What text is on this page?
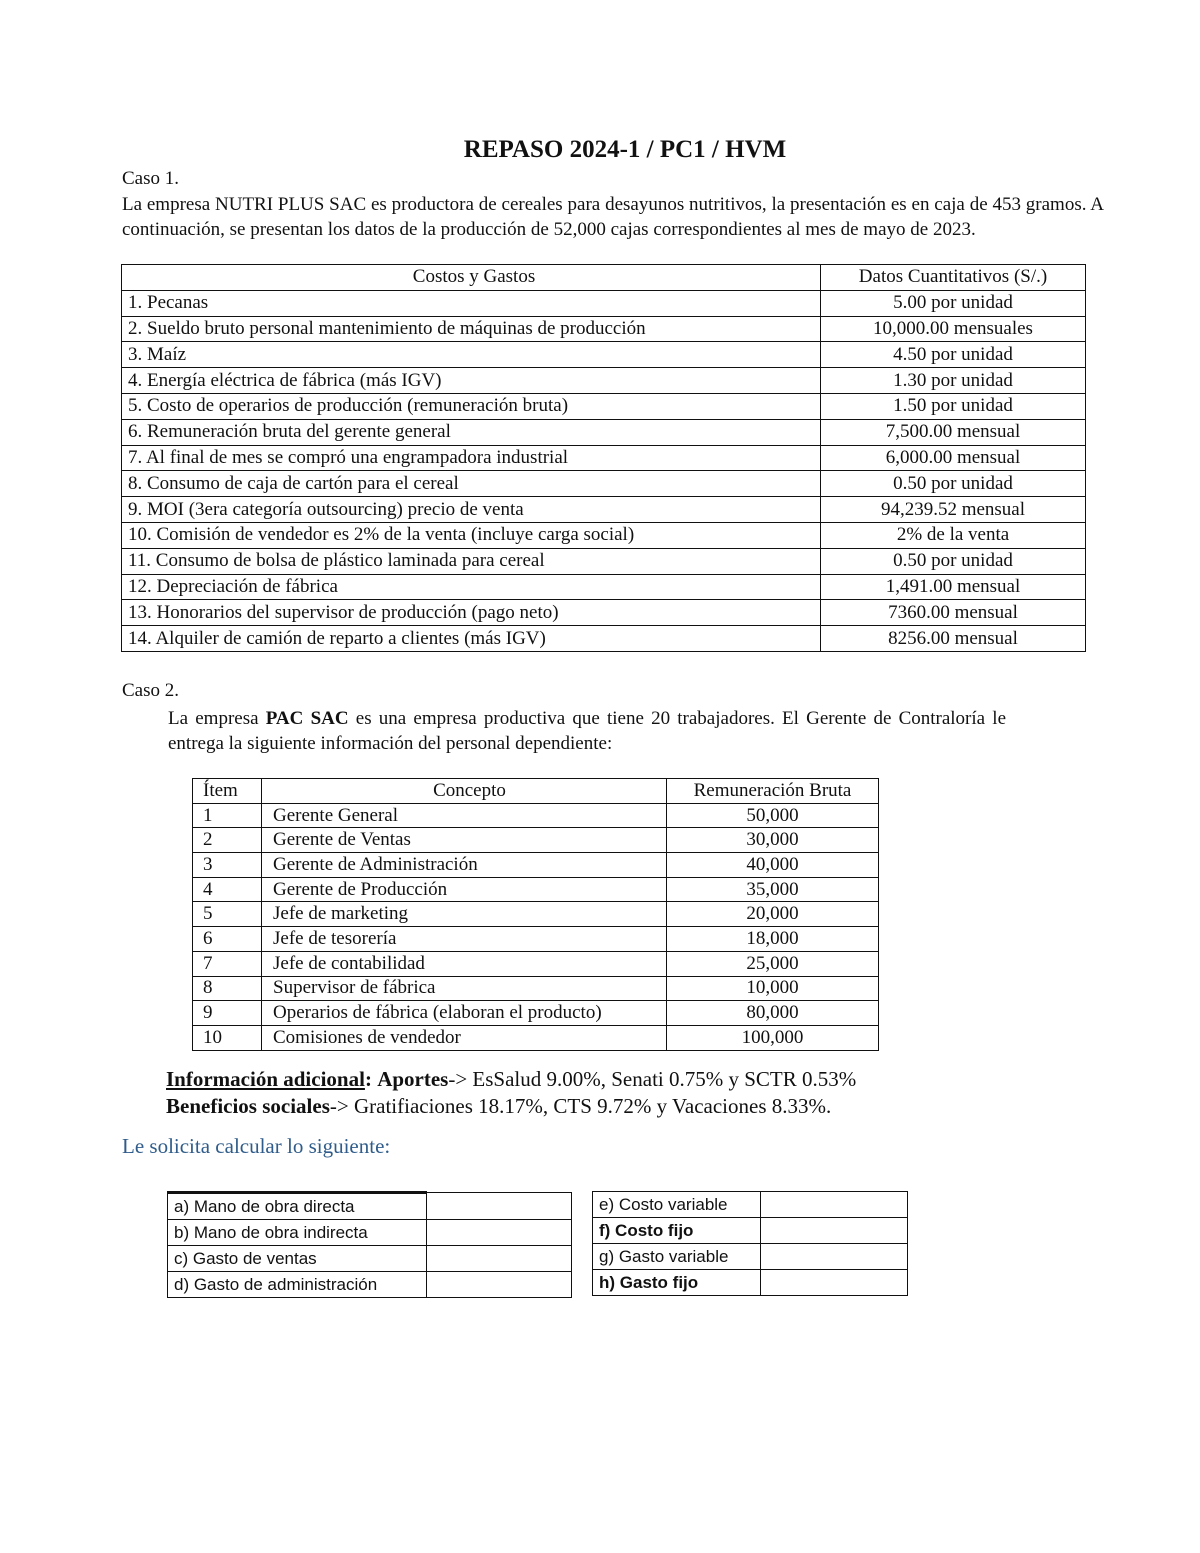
REPASO 2024-1 / PC1 / HVM
Caso 1.
La empresa NUTRI PLUS SAC es productora de cereales para desayunos nutritivos, la presentación es en caja de 453 gramos. A continuación, se presentan los datos de la producción de 52,000 cajas correspondientes al mes de mayo de 2023.
Costos y Gastos	Datos Cuantitativos (S/.)
1. Pecanas	5.00 por unidad
2. Sueldo bruto personal mantenimiento de máquinas de producción	10,000.00 mensuales
3. Maíz	4.50 por unidad
4. Energía eléctrica de fábrica (más IGV)	1.30 por unidad
5. Costo de operarios de producción (remuneración bruta)	1.50 por unidad
6. Remuneración bruta del gerente general	7,500.00 mensual
7. Al final de mes se compró una engrampadora industrial	6,000.00 mensual
8. Consumo de caja de cartón para el cereal	0.50 por unidad
9. MOI (3era categoría outsourcing) precio de venta	94,239.52 mensual
10. Comisión de vendedor es 2% de la venta (incluye carga social)	2% de la venta
11. Consumo de bolsa de plástico laminada para cereal	0.50 por unidad
12. Depreciación de fábrica	1,491.00 mensual
13. Honorarios del supervisor de producción (pago neto)	7360.00 mensual
14. Alquiler de camión de reparto a clientes (más IGV)	8256.00 mensual
Caso 2.
La empresa PAC SAC es una empresa productiva que tiene 20 trabajadores. El Gerente de Contraloría le entrega la siguiente información del personal dependiente:
Ítem	Concepto	Remuneración Bruta
1	Gerente General	50,000
2	Gerente de Ventas	30,000
3	Gerente de Administración	40,000
4	Gerente de Producción	35,000
5	Jefe de marketing	20,000
6	Jefe de tesorería	18,000
7	Jefe de contabilidad	25,000
8	Supervisor de fábrica	10,000
9	Operarios de fábrica (elaboran el producto)	80,000
10	Comisiones de vendedor	100,000
Información adicional: Aportes-> EsSalud 9.00%, Senati 0.75% y SCTR 0.53%
Beneficios sociales-> Gratifiaciones 18.17%, CTS 9.72% y Vacaciones 8.33%.
Le solicita calcular lo siguiente:
a) Mano de obra directa	
b) Mano de obra indirecta	
c) Gasto de ventas	
d) Gasto de administración	
e) Costo variable	
f) Costo fijo	
g) Gasto variable	
h) Gasto fijo	
